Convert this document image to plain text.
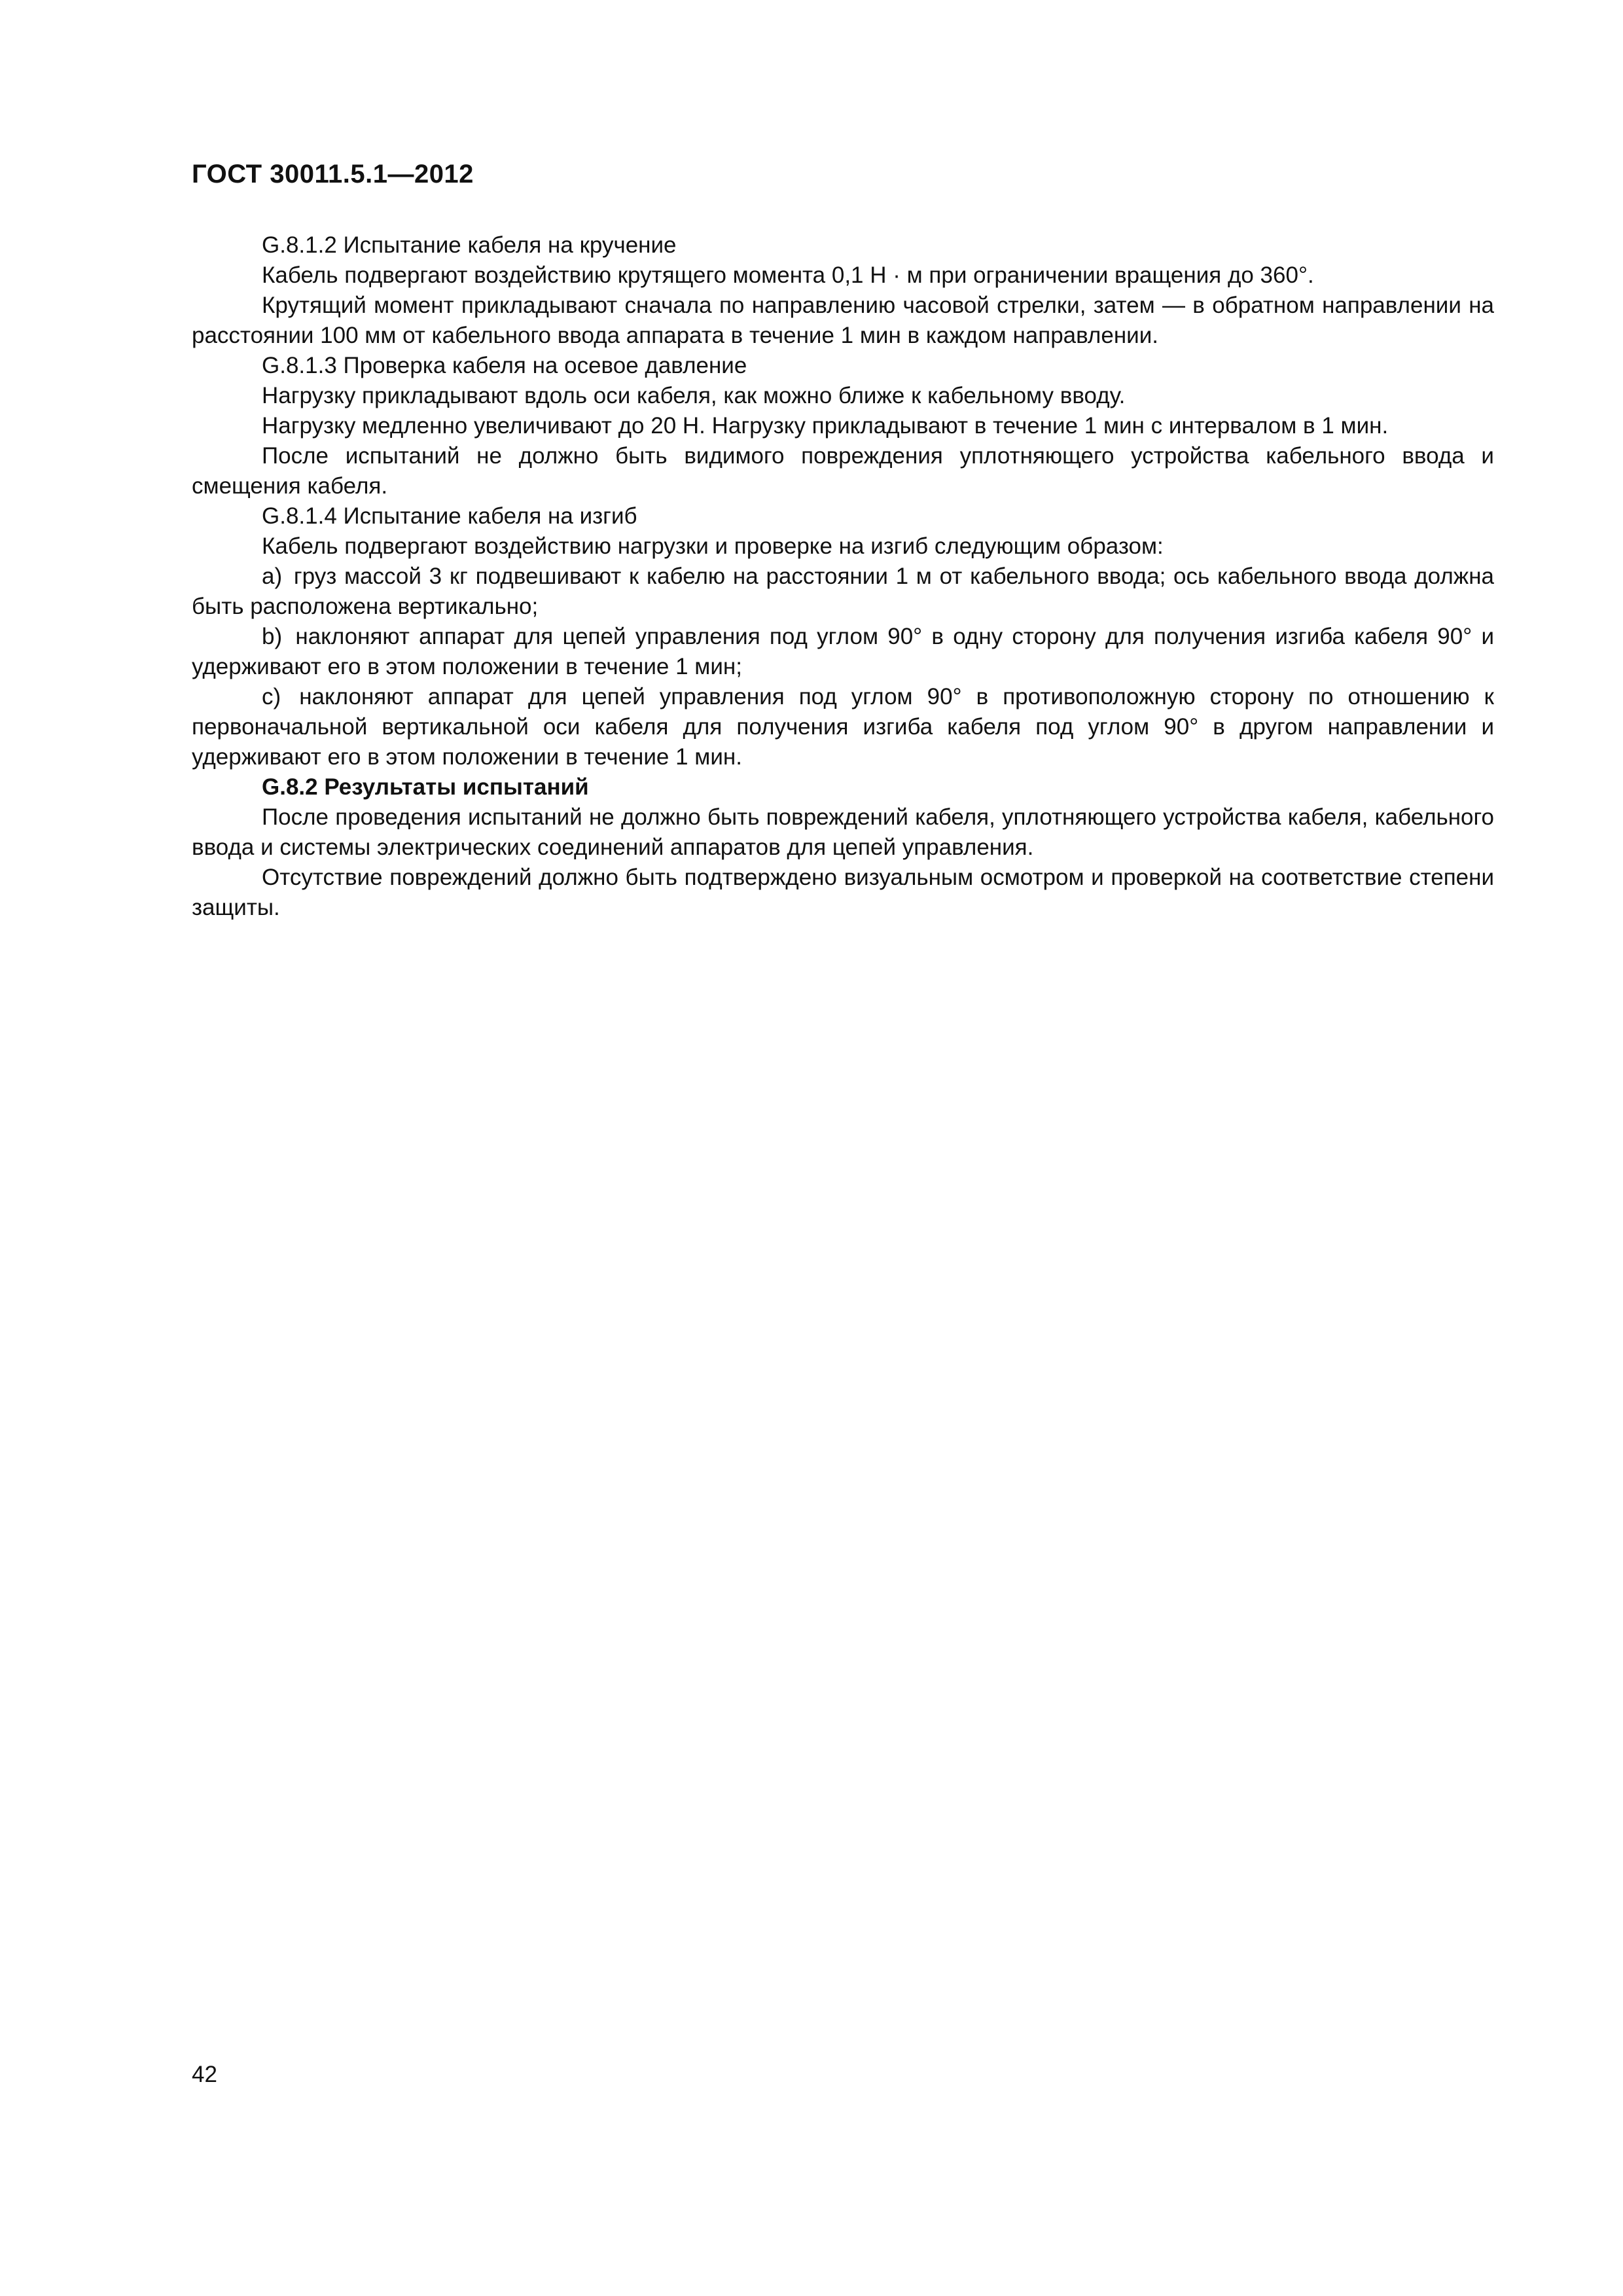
ГОСТ 30011.5.1—2012

G.8.1.2 Испытание кабеля на кручение

Кабель подвергают воздействию крутящего момента 0,1 Н · м при ограничении вращения до 360°.

Крутящий момент прикладывают сначала по направлению часовой стрелки, затем — в обратном направлении на расстоянии 100 мм от кабельного ввода аппарата в течение 1 мин в каждом направлении.

G.8.1.3 Проверка кабеля на осевое давление

Нагрузку прикладывают вдоль оси кабеля, как можно ближе к кабельному вводу.

Нагрузку медленно увеличивают до 20 Н. Нагрузку прикладывают в течение 1 мин с интервалом в 1 мин.

После испытаний не должно быть видимого повреждения уплотняющего устройства кабельного ввода и смещения кабеля.

G.8.1.4 Испытание кабеля на изгиб

Кабель подвергают воздействию нагрузки и проверке на изгиб следующим образом:

a) груз массой 3 кг подвешивают к кабелю на расстоянии 1 м от кабельного ввода; ось кабельного ввода должна быть расположена вертикально;

b) наклоняют аппарат для цепей управления под углом 90° в одну сторону для получения изгиба кабеля 90° и удерживают его в этом положении в течение 1 мин;

c) наклоняют аппарат для цепей управления под углом 90° в противоположную сторону по отношению к первоначальной вертикальной оси кабеля для получения изгиба кабеля под углом 90° в другом направлении и удерживают его в этом положении в течение 1 мин.

G.8.2 Результаты испытаний

После проведения испытаний не должно быть повреждений кабеля, уплотняющего устройства кабеля, кабельного ввода и системы электрических соединений аппаратов для цепей управления.

Отсутствие повреждений должно быть подтверждено визуальным осмотром и проверкой на соответствие степени защиты.

42
